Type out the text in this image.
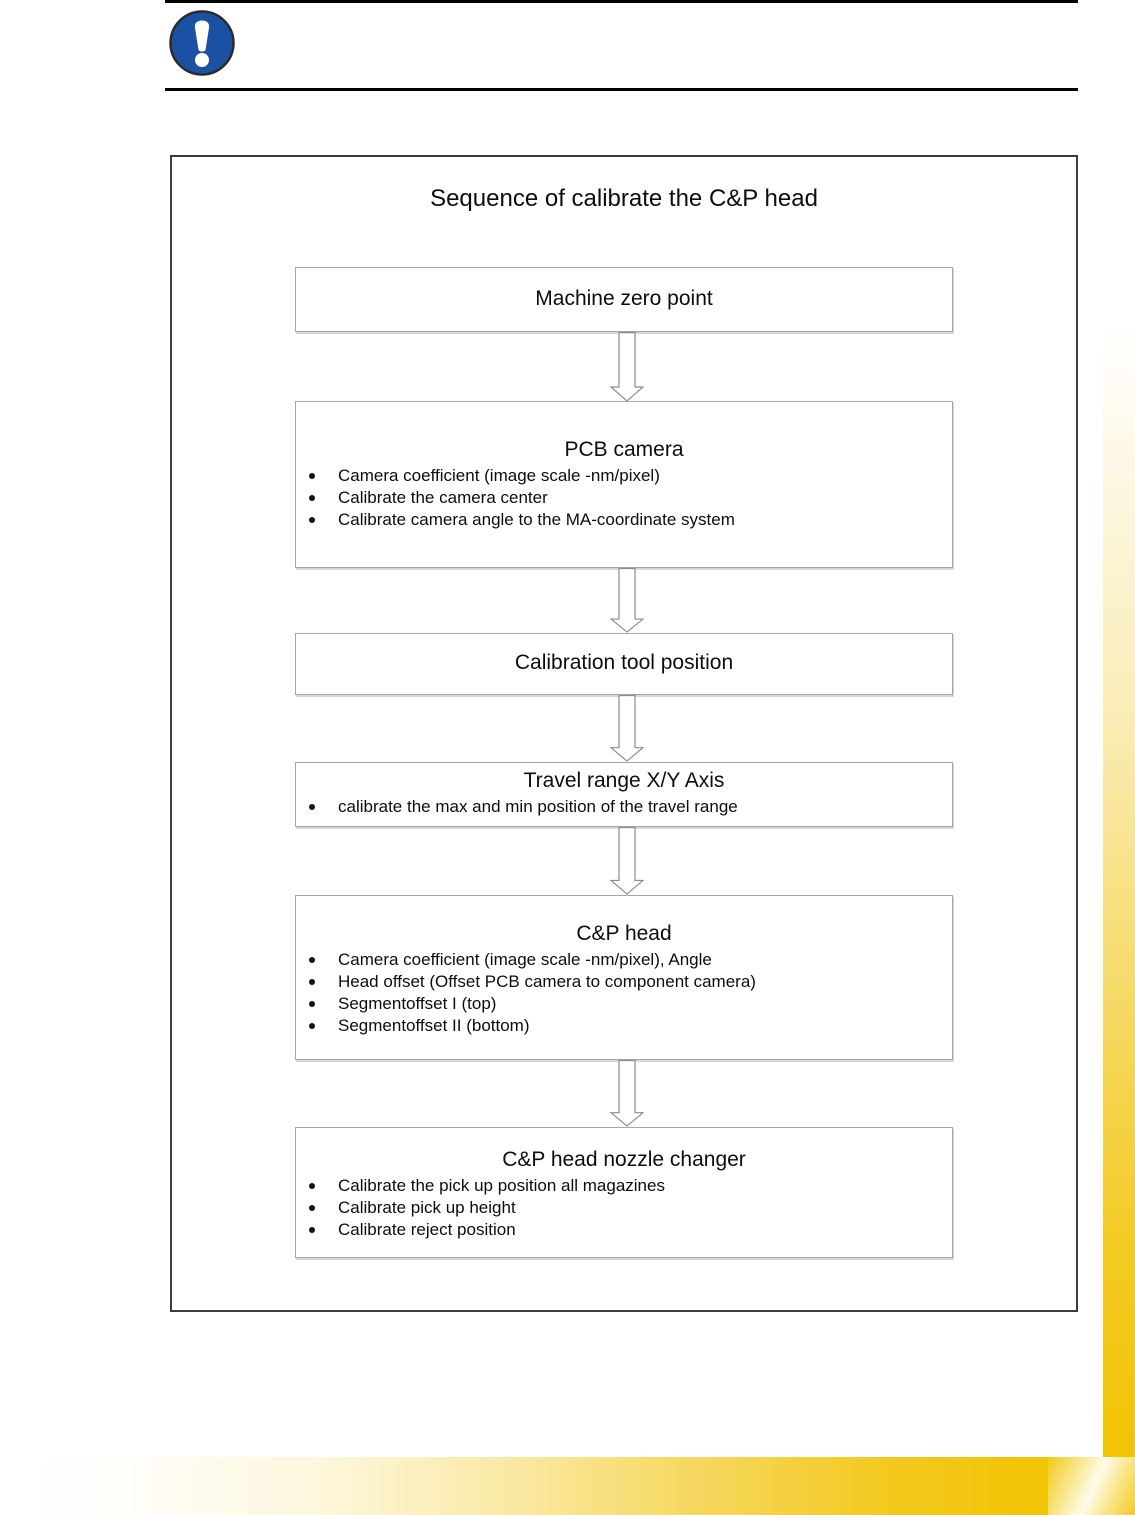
Sequence of calibrate the C&P head
Machine zero point
PCB camera
Camera coefficient (image scale -nm/pixel)
Calibrate the camera center
Calibrate camera angle to the MA-coordinate system
Calibration tool position
Travel range X/Y Axis
calibrate the max and min position of the travel range
C&P head
Camera coefficient (image scale -nm/pixel), Angle
Head offset (Offset PCB camera to component camera)
Segmentoffset I (top)
Segmentoffset II (bottom)
C&P head nozzle changer
Calibrate the pick up position all magazines
Calibrate pick up height
Calibrate reject position
